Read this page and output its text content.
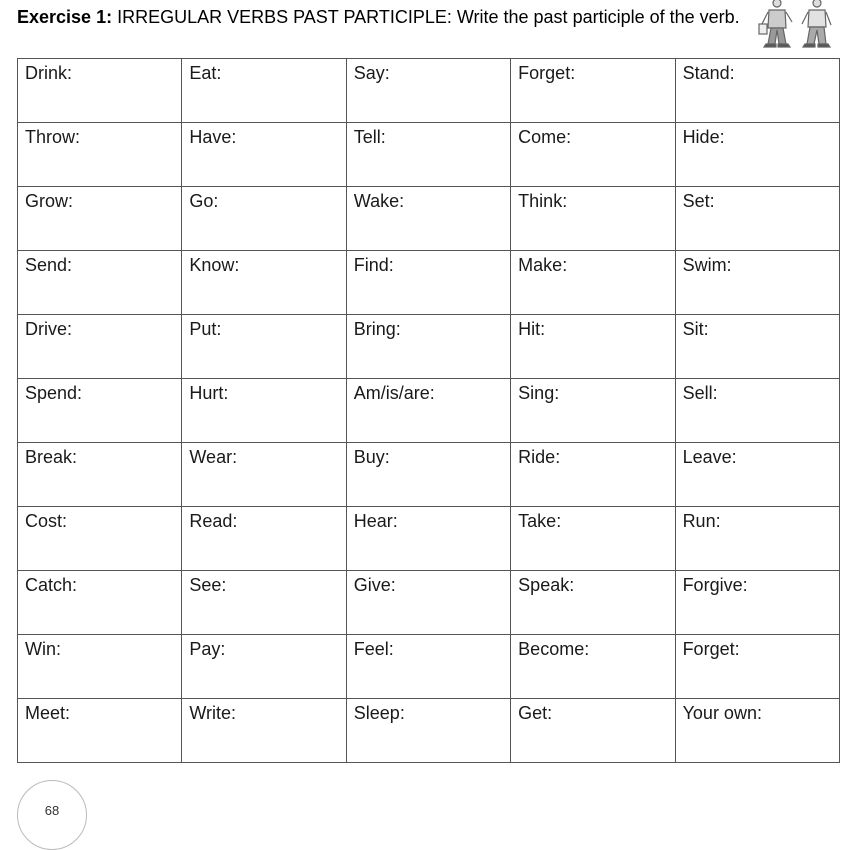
Exercise 1: IRREGULAR VERBS PAST PARTICIPLE: Write the past participle of the verb.
Drink:	Eat:	Say:	Forget:	Stand:
Throw:	Have:	Tell:	Come:	Hide:
Grow:	Go:	Wake:	Think:	Set:
Send:	Know:	Find:	Make:	Swim:
Drive:	Put:	Bring:	Hit:	Sit:
Spend:	Hurt:	Am/is/are:	Sing:	Sell:
Break:	Wear:	Buy:	Ride:	Leave:
Cost:	Read:	Hear:	Take:	Run:
Catch:	See:	Give:	Speak:	Forgive:
Win:	Pay:	Feel:	Become:	Forget:
Meet:	Write:	Sleep:	Get:	Your own:
68
